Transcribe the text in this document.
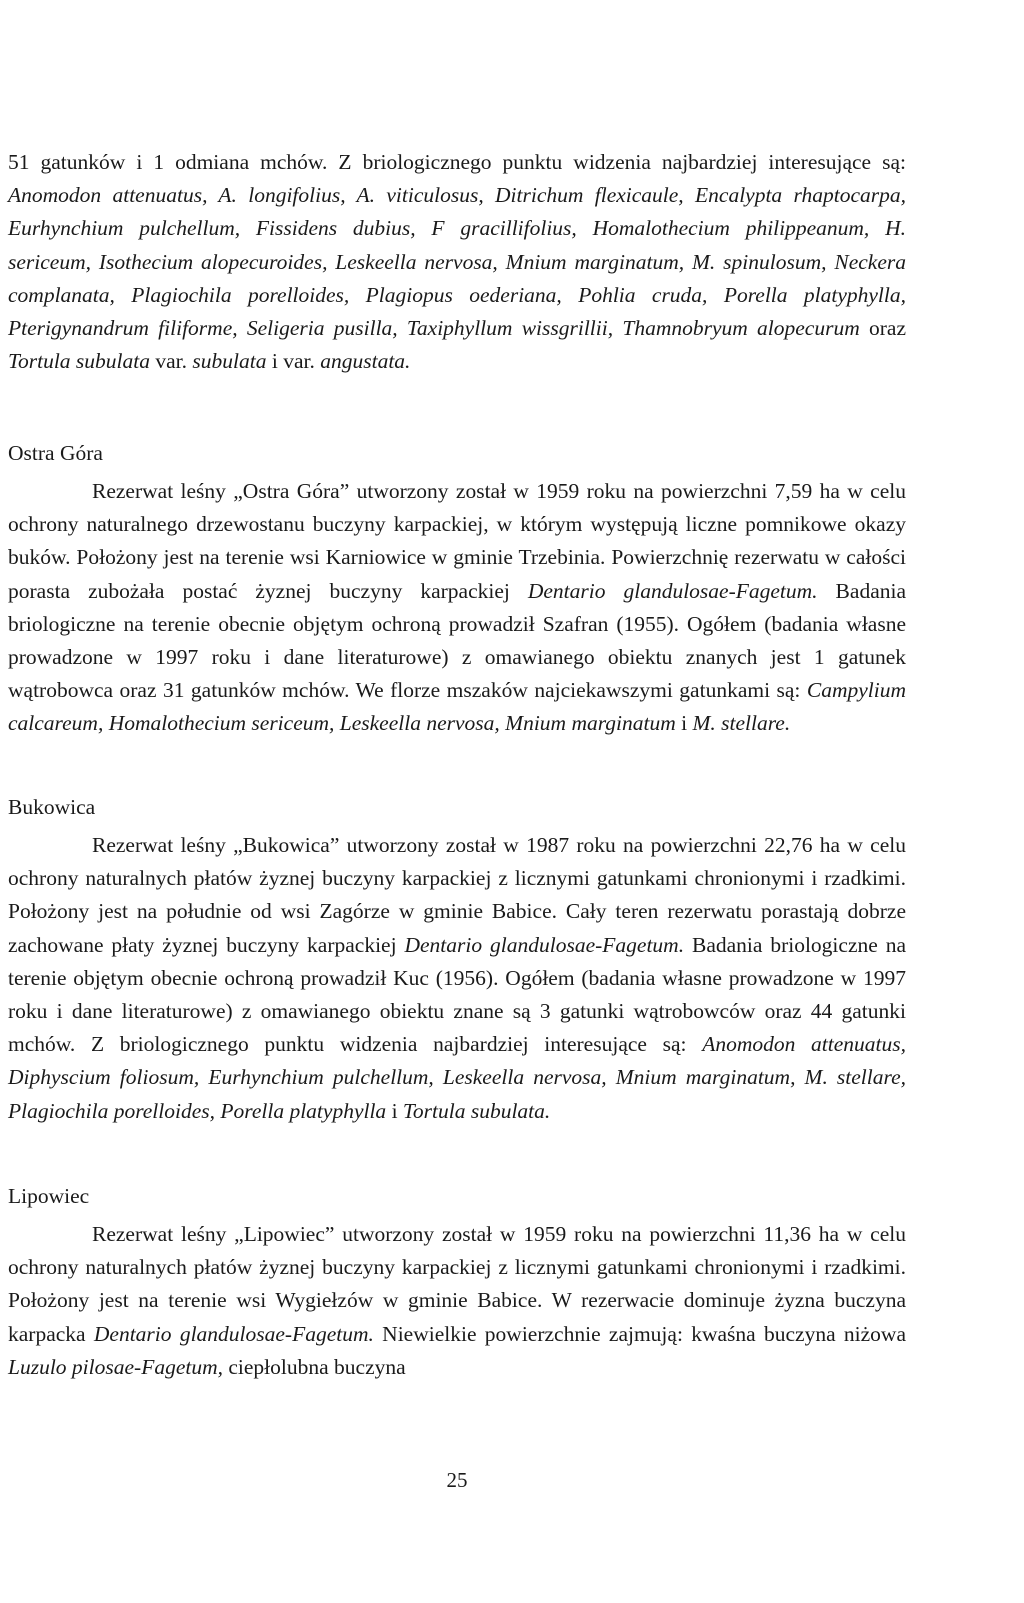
51 gatunków i 1 odmiana mchów. Z briologicznego punktu widzenia najbardziej interesujące są: Anomodon attenuatus, A. longifolius, A. viticulosus, Ditrichum flexicaule, Encalypta rhaptocarpa, Eurhynchium pulchellum, Fissidens dubius, F gracillifolius, Homalothecium philippeanum, H. sericeum, Isothecium alopecuroides, Leskeella nervosa, Mnium marginatum, M. spinulosum, Neckera complanata, Plagiochila porelloides, Plagiopus oederiana, Pohlia cruda, Porella platyphylla, Pterigynandrum filiforme, Seligeria pusilla, Taxiphyllum wissgrillii, Thamnobryum alopecurum oraz Tortula subulata var. subulata i var. angustata.

Ostra Góra

Rezerwat leśny „Ostra Góra” utworzony został w 1959 roku na powierzchni 7,59 ha w celu ochrony naturalnego drzewostanu buczyny karpackiej, w którym występują liczne pomnikowe okazy buków. Położony jest na terenie wsi Karniowice w gminie Trzebinia. Powierzchnię rezerwatu w całości porasta zubożała postać żyznej buczyny karpackiej Dentario glandulosae-Fagetum. Badania briologiczne na terenie obecnie objętym ochroną prowadził Szafran (1955). Ogółem (badania własne prowadzone w 1997 roku i dane literaturowe) z omawianego obiektu znanych jest 1 gatunek wątrobowca oraz 31 gatunków mchów. We florze mszaków najciekawszymi gatunkami są: Campylium calcareum, Homalothecium sericeum, Leskeella nervosa, Mnium marginatum i M. stellare.

Bukowica

Rezerwat leśny „Bukowica” utworzony został w 1987 roku na powierzchni 22,76 ha w celu ochrony naturalnych płatów żyznej buczyny karpackiej z licznymi gatunkami chronionymi i rzadkimi. Położony jest na południe od wsi Zagórze w gminie Babice. Cały teren rezerwatu porastają dobrze zachowane płaty żyznej buczyny karpackiej Dentario glandulosae-Fagetum. Badania briologiczne na terenie objętym obecnie ochroną prowadził Kuc (1956). Ogółem (badania własne prowadzone w 1997 roku i dane literaturowe) z omawianego obiektu znane są 3 gatunki wątrobowców oraz 44 gatunki mchów. Z briologicznego punktu widzenia najbardziej interesujące są: Anomodon attenuatus, Diphyscium foliosum, Eurhynchium pulchellum, Leskeella nervosa, Mnium marginatum, M. stellare, Plagiochila porelloides, Porella platyphylla i Tortula subulata.

Lipowiec

Rezerwat leśny „Lipowiec” utworzony został w 1959 roku na powierzchni 11,36 ha w celu ochrony naturalnych płatów żyznej buczyny karpackiej z licznymi gatunkami chronionymi i rzadkimi. Położony jest na terenie wsi Wygiełzów w gminie Babice. W rezerwacie dominuje żyzna buczyna karpacka Dentario glandulosae-Fagetum. Niewielkie powierzchnie zajmują: kwaśna buczyna niżowa Luzulo pilosae-Fagetum, ciepłolubna buczyna

25
